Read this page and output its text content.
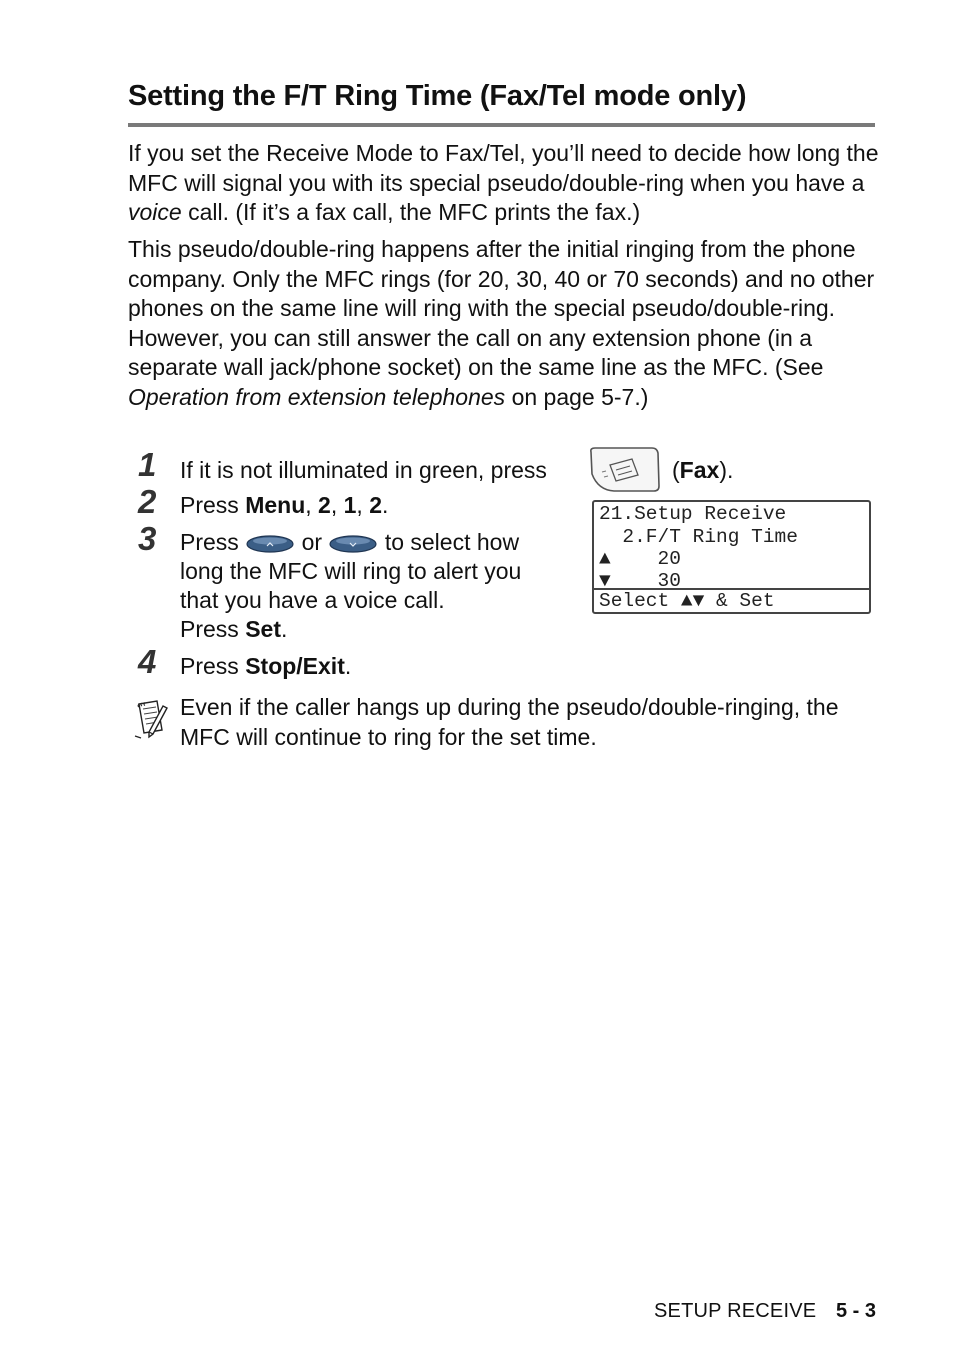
Setting the F/T Ring Time (Fax/Tel mode only)

If you set the Receive Mode to Fax/Tel, you’ll need to decide how long the MFC will signal you with its special pseudo/double-ring when you have a voice call. (If it’s a fax call, the MFC prints the fax.)

This pseudo/double-ring happens after the initial ringing from the phone company. Only the MFC rings (for 20, 30, 40 or 70 seconds) and no other phones on the same line will ring with the special pseudo/double-ring. However, you can still answer the call on any extension phone (in a separate wall jack/phone socket) on the same line as the MFC. (See Operation from extension telephones on page 5-7.)

1 If it is not illuminated in green, press	(Fax).
2 Press Menu, 2, 1, 2.
3 Press	or	to select how
long the MFC will ring to alert you
that you have a voice call.
Press Set.
4 Press Stop/Exit.
21.Setup Receive
2.F/T Ring Time
▲    20
▼    30
Select ▲▼ & Set

Even if the caller hangs up during the pseudo/double-ringing, the MFC will continue to ring for the set time.

SETUP RECEIVE 5 - 3
